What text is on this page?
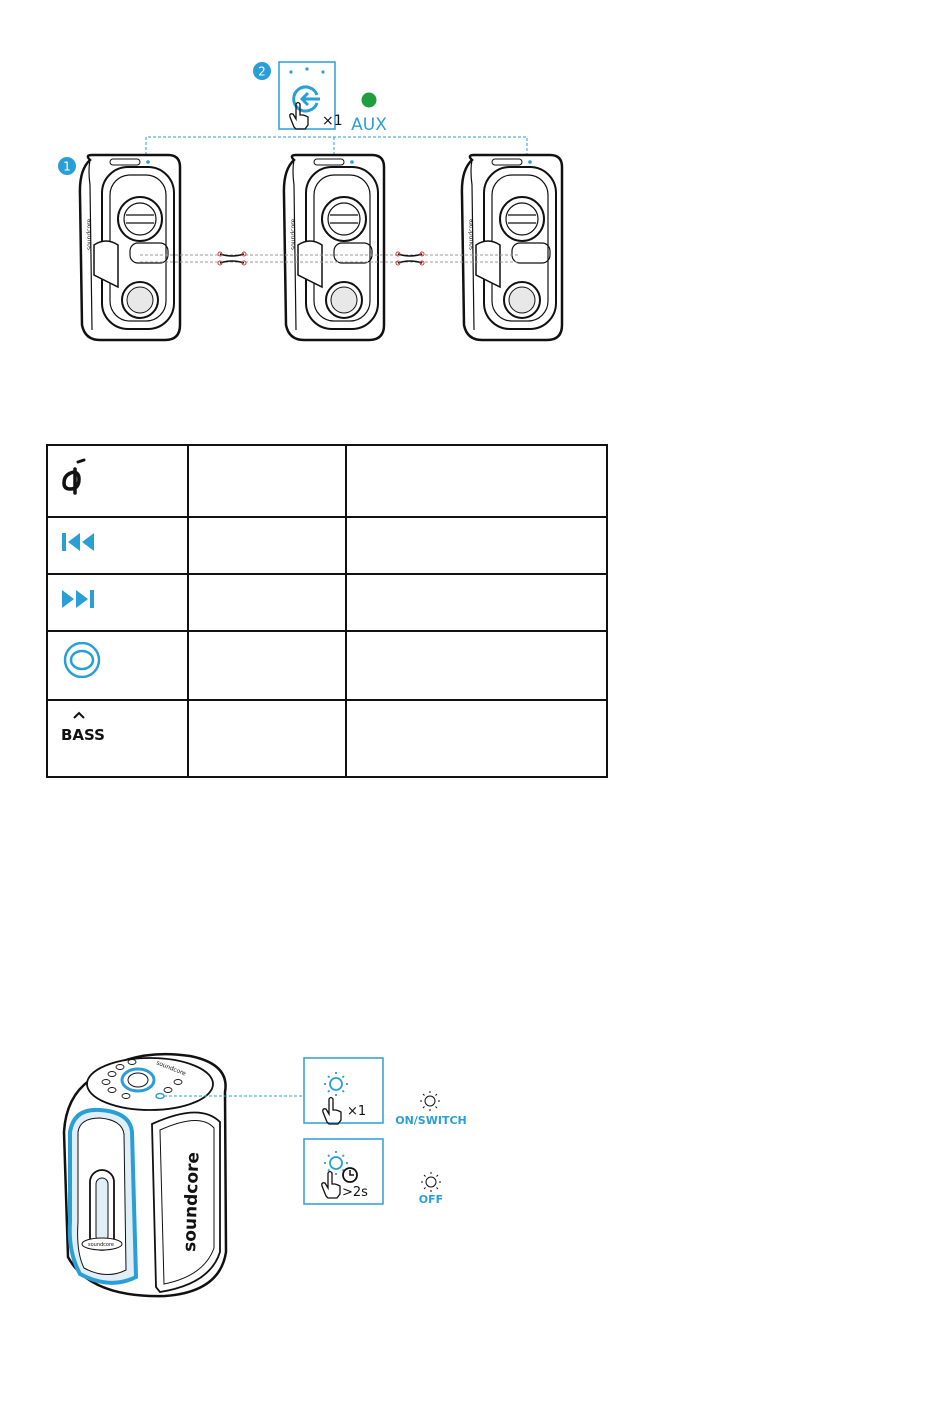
2
×1 AUX
1
soundcore

BASS		

soundcore
soundcore	soundcore
×1
>2s
ON/SWITCH
OFF
